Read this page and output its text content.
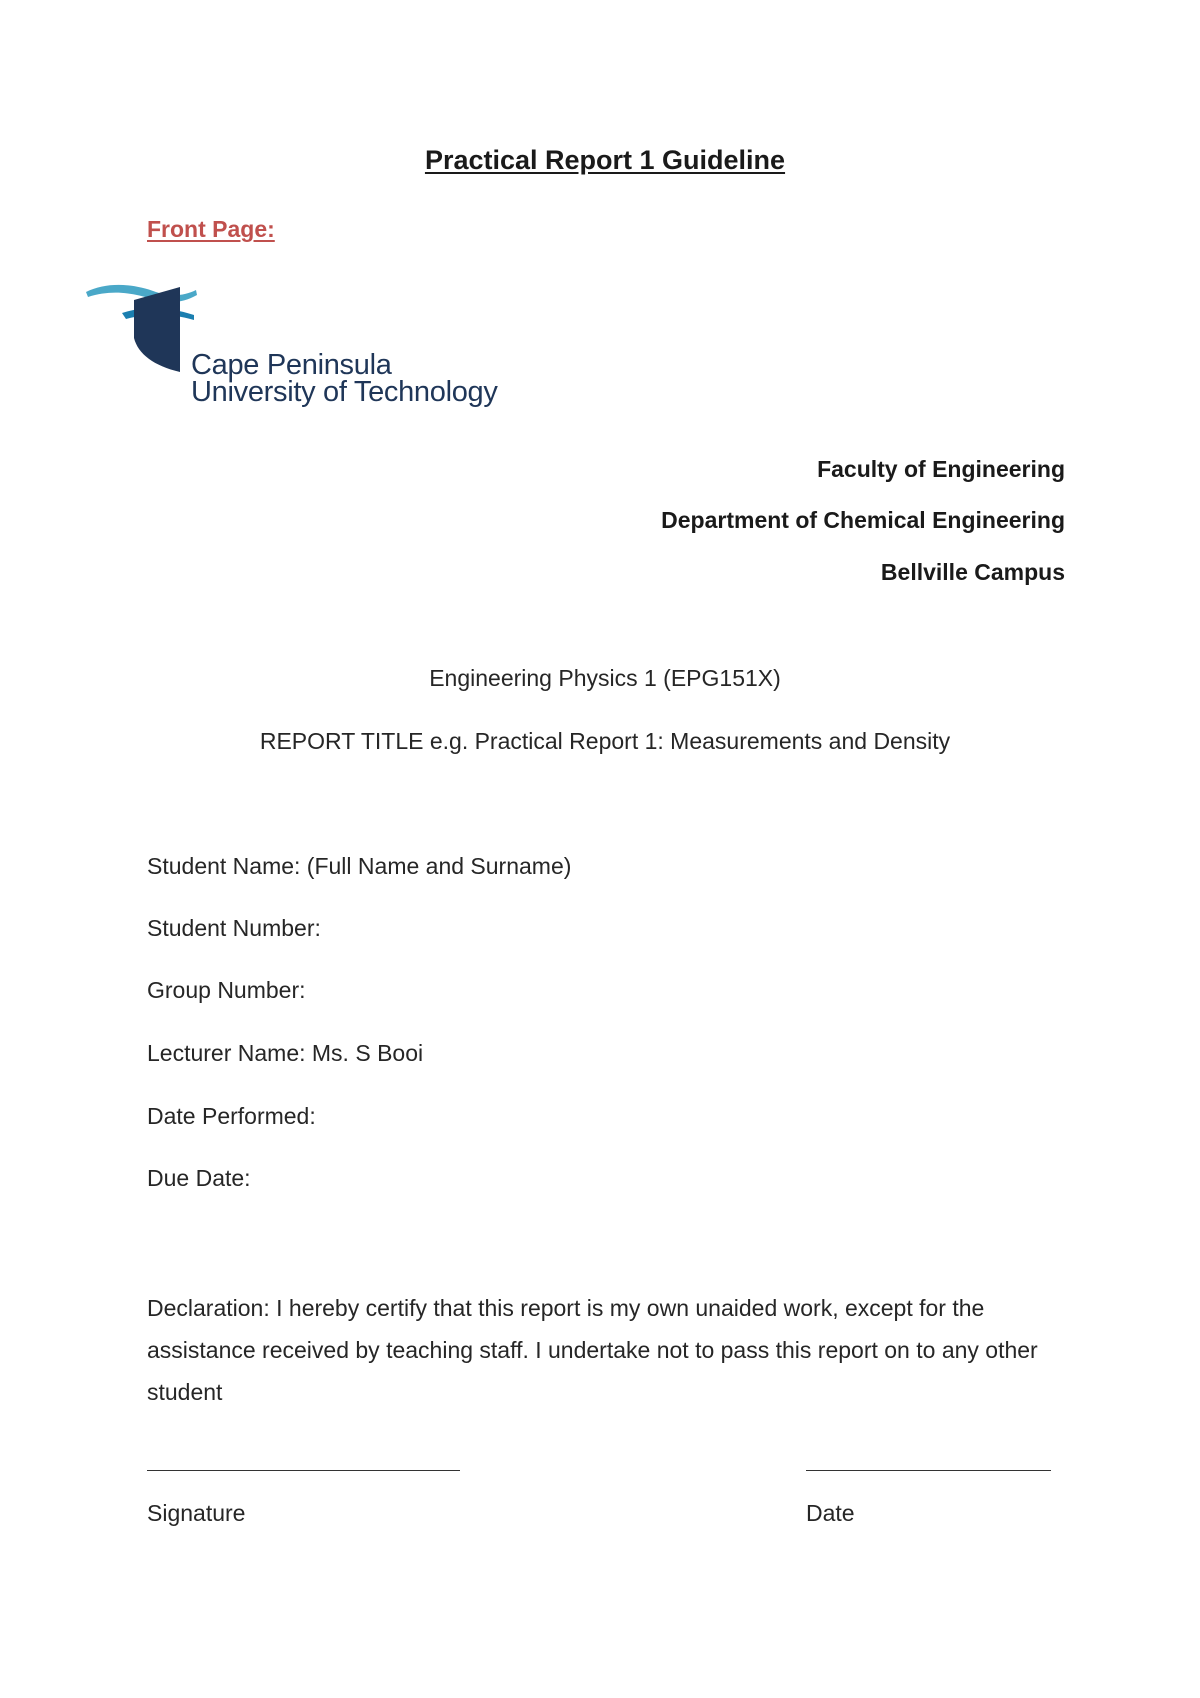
Practical Report 1 Guideline
Front Page:
Cape Peninsula
University of Technology
Faculty of Engineering
Department of Chemical Engineering
Bellville Campus
Engineering Physics 1 (EPG151X)
REPORT TITLE e.g. Practical Report 1: Measurements and Density
Student Name: (Full Name and Surname)
Student Number:
Group Number:
Lecturer Name: Ms. S Booi
Date Performed:
Due Date:
Declaration: I hereby certify that this report is my own unaided work, except for the assistance received by teaching staff. I undertake not to pass this report on to any other student
Signature	Date
